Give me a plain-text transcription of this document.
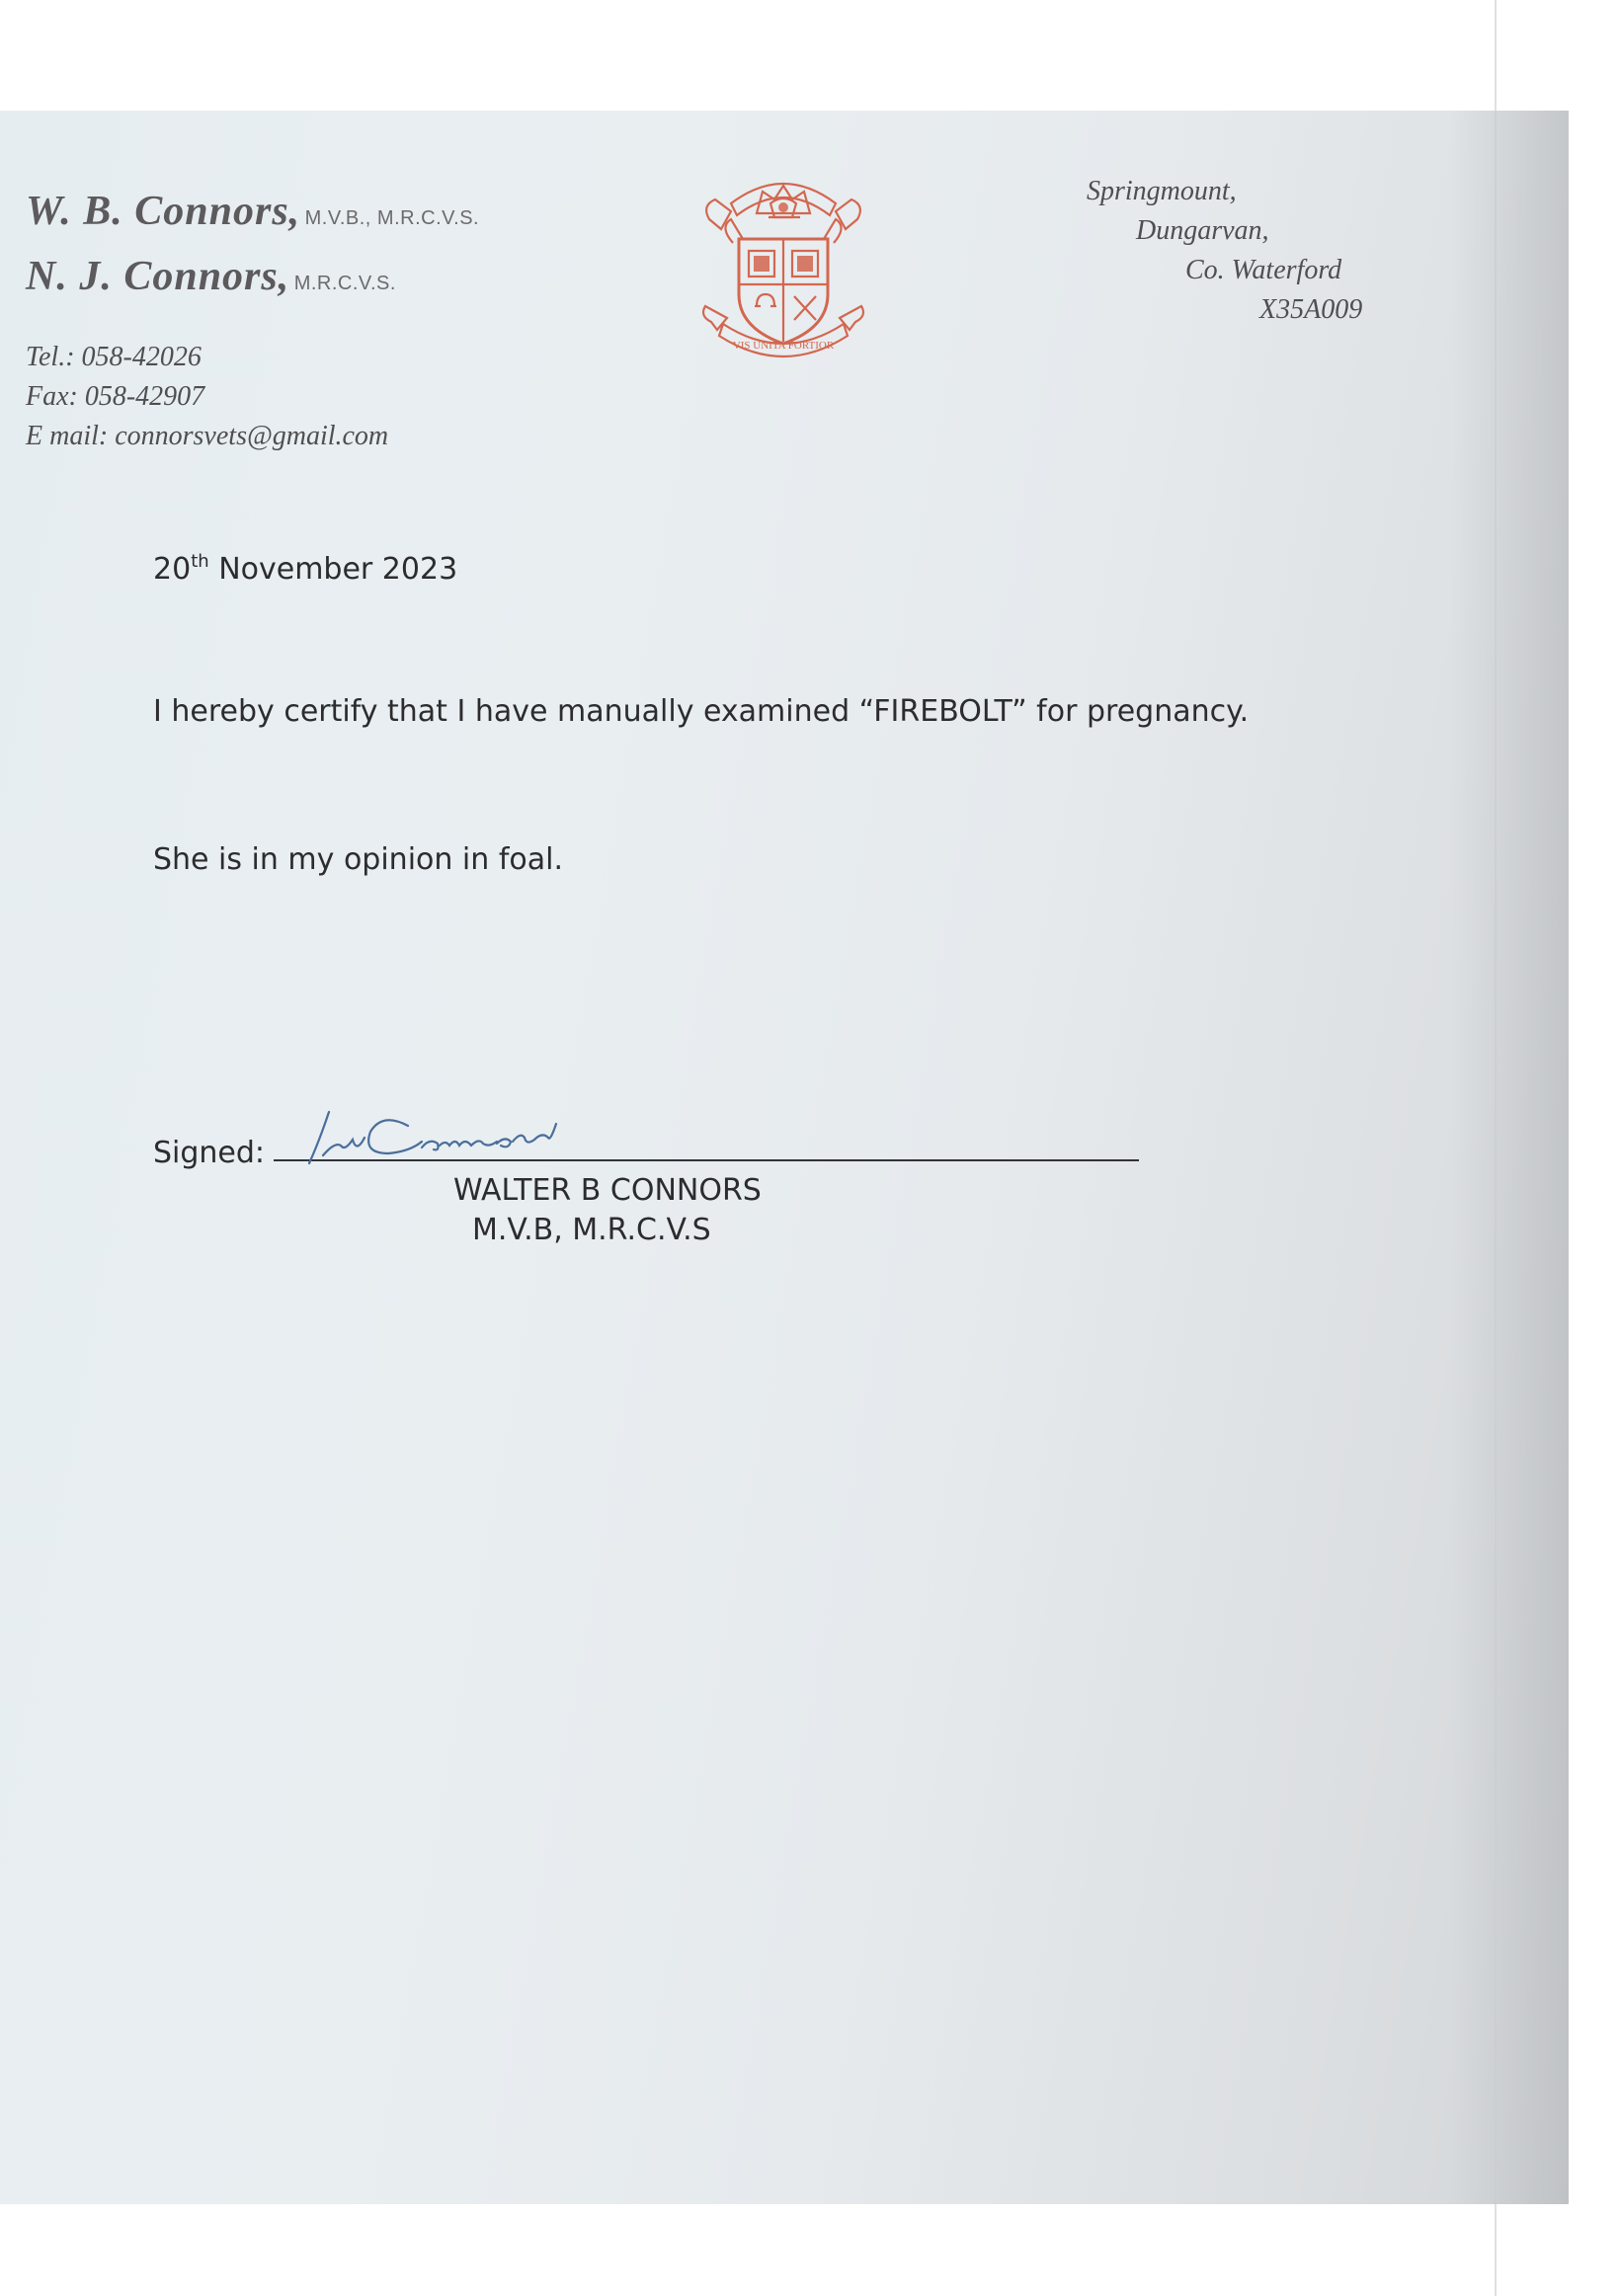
W. B. Connors, M.V.B., M.R.C.V.S.
N. J. Connors, M.R.C.V.S.
Tel.: 058-42026
Fax: 058-42907
E mail: connorsvets@gmail.com
VIS UNITA FORTIOR
Springmount,
Dungarvan,
Co. Waterford
X35A009
20th November 2023
I hereby certify that I have manually examined “FIREBOLT” for pregnancy.
She is in my opinion in foal.
Signed:
WALTER B CONNORS
M.V.B, M.R.C.V.S
